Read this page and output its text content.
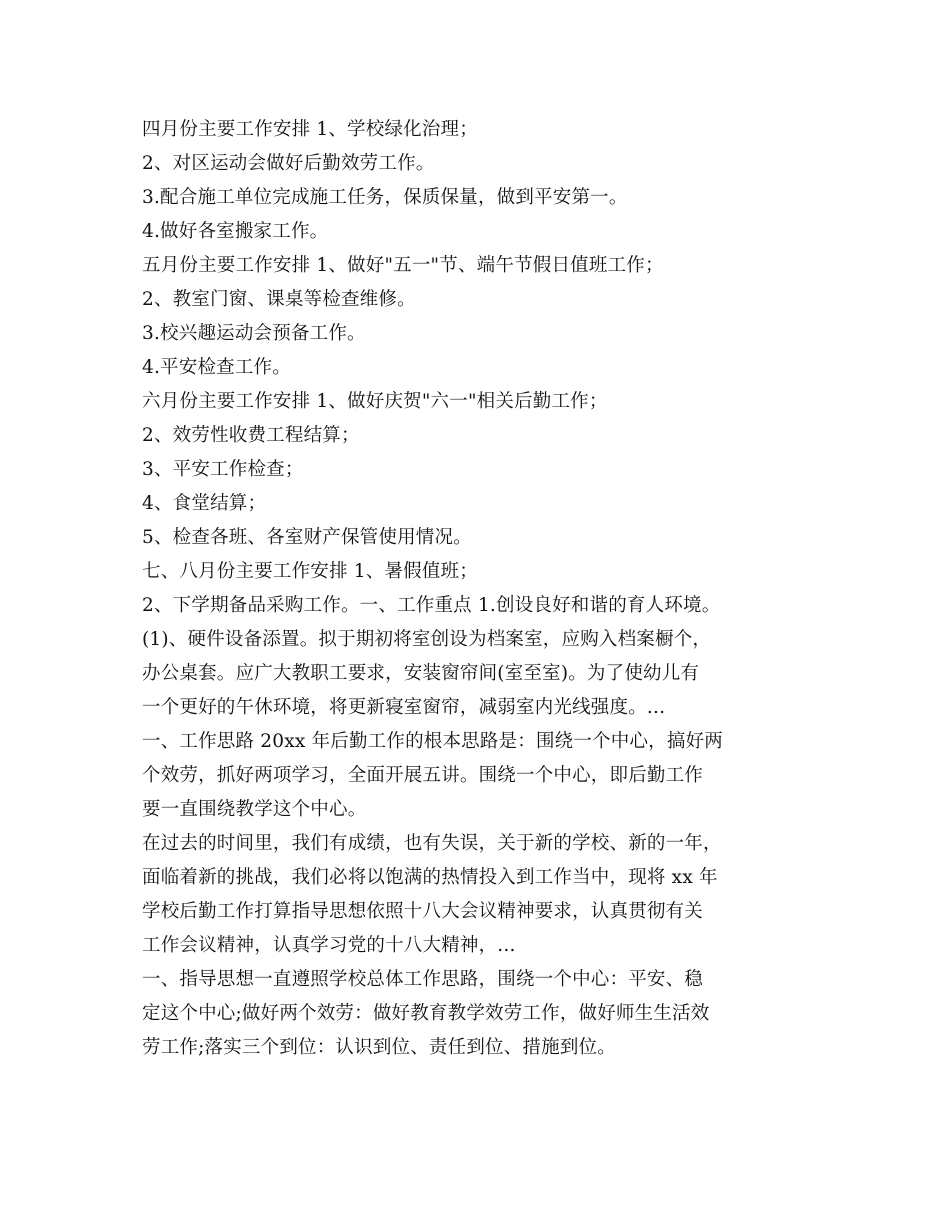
四月份主要工作安排 1、学校绿化治理；
2、对区运动会做好后勤效劳工作。
3.配合施工单位完成施工任务，保质保量，做到平安第一。
4.做好各室搬家工作。
五月份主要工作安排 1、做好"五一"节、端午节假日值班工作；
2、教室门窗、课桌等检查维修。
3.校兴趣运动会预备工作。
4.平安检查工作。
六月份主要工作安排 1、做好庆贺"六一"相关后勤工作；
2、效劳性收费工程结算；
3、平安工作检查；
4、食堂结算；
5、检查各班、各室财产保管使用情况。
七、八月份主要工作安排 1、暑假值班；
2、下学期备品采购工作。一、工作重点 1.创设良好和谐的育人环境。
(1)、硬件设备添置。拟于期初将室创设为档案室，应购入档案橱个，
办公桌套。应广大教职工要求，安装窗帘间(室至室)。为了使幼儿有
一个更好的午休环境，将更新寝室窗帘，减弱室内光线强度。...
一、工作思路 20xx 年后勤工作的根本思路是：围绕一个中心，搞好两
个效劳，抓好两项学习，全面开展五讲。围绕一个中心，即后勤工作
要一直围绕教学这个中心。
在过去的时间里，我们有成绩，也有失误，关于新的学校、新的一年，
面临着新的挑战，我们必将以饱满的热情投入到工作当中，现将 xx 年
学校后勤工作打算指导思想依照十八大会议精神要求，认真贯彻有关
工作会议精神，认真学习党的十八大精神，...
一、指导思想一直遵照学校总体工作思路，围绕一个中心：平安、稳
定这个中心;做好两个效劳：做好教育教学效劳工作，做好师生生活效
劳工作;落实三个到位：认识到位、责任到位、措施到位。
